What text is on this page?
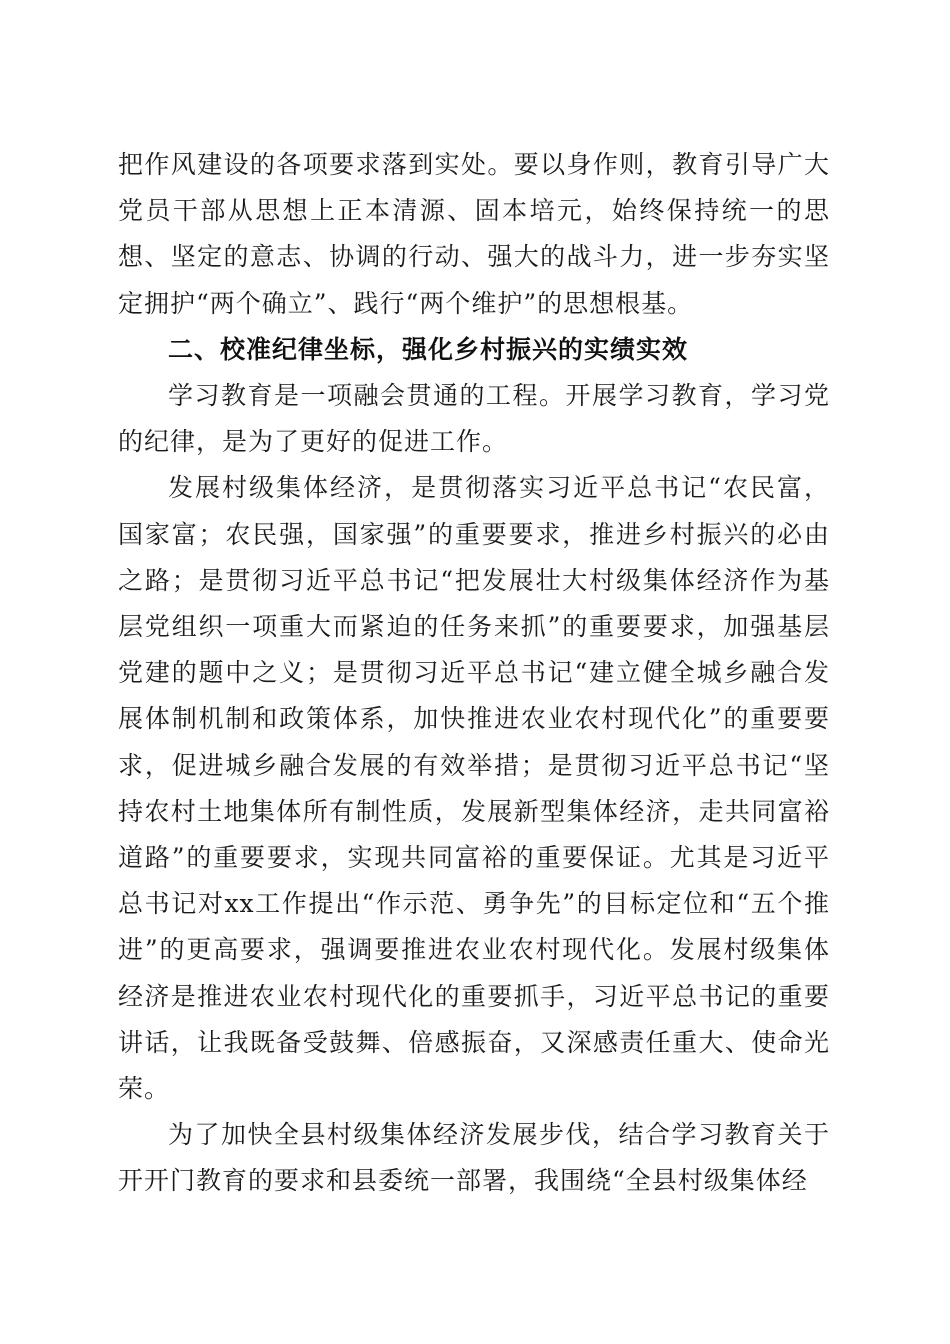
把作风建设的各项要求落到实处。要以身作则，教育引导广大党员干部从思想上正本清源、固本培元，始终保持统一的思想、坚定的意志、协调的行动、强大的战斗力，进一步夯实坚定拥护“两个确立”、践行“两个维护”的思想根基。

二、校准纪律坐标，强化乡村振兴的实绩实效

学习教育是一项融会贯通的工程。开展学习教育，学习党的纪律，是为了更好的促进工作。

发展村级集体经济，是贯彻落实习近平总书记“农民富，国家富；农民强，国家强”的重要要求，推进乡村振兴的必由之路；是贯彻习近平总书记“把发展壮大村级集体经济作为基层党组织一项重大而紧迫的任务来抓”的重要要求，加强基层党建的题中之义；是贯彻习近平总书记“建立健全城乡融合发展体制机制和政策体系，加快推进农业农村现代化”的重要要求，促进城乡融合发展的有效举措；是贯彻习近平总书记“坚持农村土地集体所有制性质，发展新型集体经济，走共同富裕道路”的重要要求，实现共同富裕的重要保证。尤其是习近平总书记对xx工作提出“作示范、勇争先”的目标定位和“五个推进”的更高要求，强调要推进农业农村现代化。发展村级集体经济是推进农业农村现代化的重要抓手，习近平总书记的重要讲话，让我既备受鼓舞、倍感振奋，又深感责任重大、使命光荣。

为了加快全县村级集体经济发展步伐，结合学习教育关于开开门教育的要求和县委统一部署，我围绕“全县村级集体经
